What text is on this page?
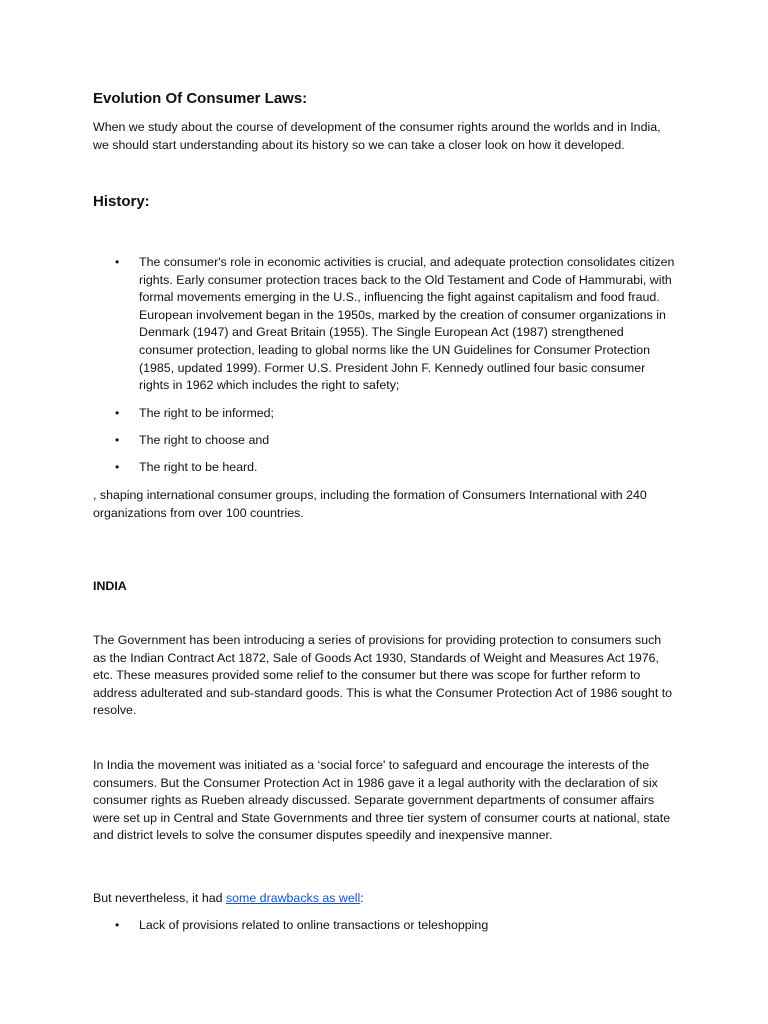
Evolution Of Consumer Laws:

When we study about the course of development of the consumer rights around the worlds and in India, we should start understanding about its history so we can take a closer look on how it developed.

History:
• The consumer's role in economic activities is crucial, and adequate protection consolidates citizen rights. Early consumer protection traces back to the Old Testament and Code of Hammurabi, with formal movements emerging in the U.S., influencing the fight against capitalism and food fraud. European involvement began in the 1950s, marked by the creation of consumer organizations in Denmark (1947) and Great Britain (1955). The Single European Act (1987) strengthened consumer protection, leading to global norms like the UN Guidelines for Consumer Protection (1985, updated 1999). Former U.S. President John F. Kennedy outlined four basic consumer rights in 1962 which includes the right to safety;
• The right to be informed;
• The right to choose and
• The right to be heard.

, shaping international consumer groups, including the formation of Consumers International with 240 organizations from over 100 countries.

INDIA

The Government has been introducing a series of provisions for providing protection to consumers such as the Indian Contract Act 1872, Sale of Goods Act 1930, Standards of Weight and Measures Act 1976, etc. These measures provided some relief to the consumer but there was scope for further reform to address adulterated and sub-standard goods. This is what the Consumer Protection Act of 1986 sought to resolve.

In India the movement was initiated as a ‘social force' to safeguard and encourage the interests of the consumers. But the Consumer Protection Act in 1986 gave it a legal authority with the declaration of six consumer rights as Rueben already discussed. Separate government departments of consumer affairs were set up in Central and State Governments and three tier system of consumer courts at national, state and district levels to solve the consumer disputes speedily and inexpensive manner.

But nevertheless, it had some drawbacks as well:

• Lack of provisions related to online transactions or teleshopping
